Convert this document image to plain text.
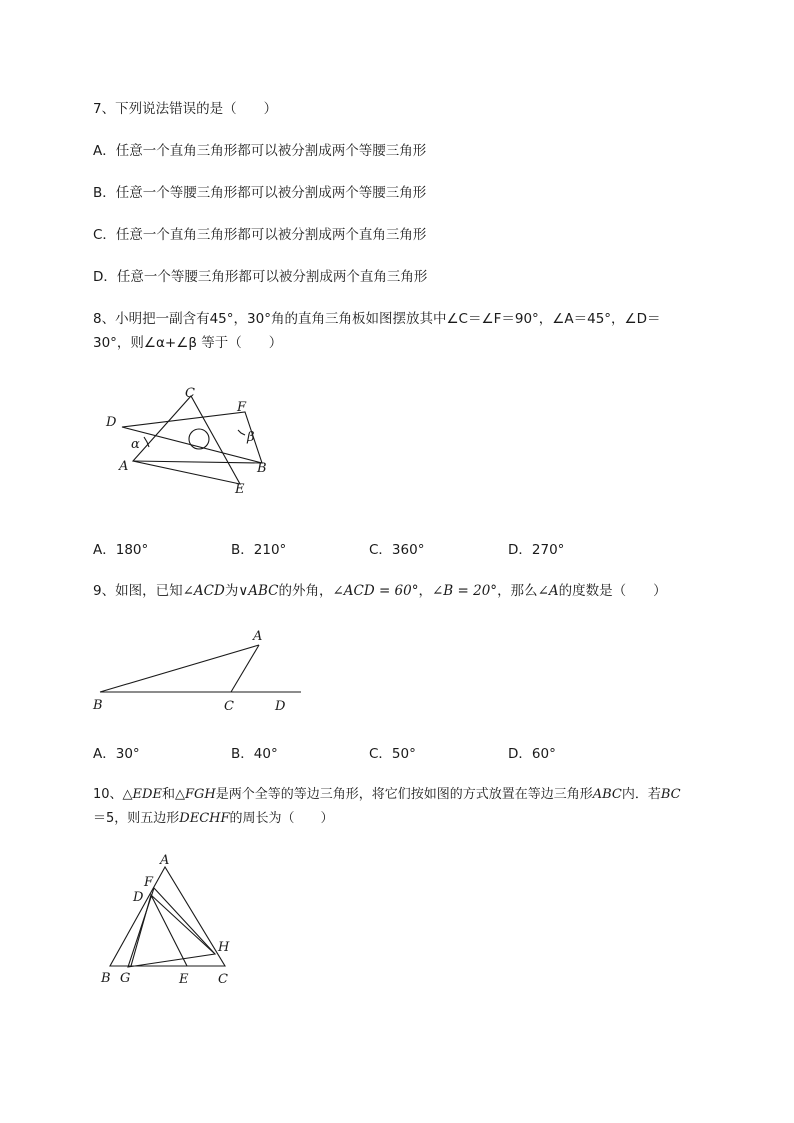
7、下列说法错误的是（　　）
A．任意一个直角三角形都可以被分割成两个等腰三角形
B．任意一个等腰三角形都可以被分割成两个等腰三角形
C．任意一个直角三角形都可以被分割成两个直角三角形
D．任意一个等腰三角形都可以被分割成两个直角三角形
8、小明把一副含有45°，30°角的直角三角板如图摆放其中∠C＝∠F＝90°，∠A＝45°，∠D＝
30°，则∠α+∠β 等于（　　）
C
F
D
α	β
A	B
E
A．180°	B．210°	C．360°	D．270°
9、如图，已知∠ACD为∨ABC的外角，∠ACD = 60°，∠B = 20°，那么∠A的度数是（　　）
A
B	C	D
A．30°	B．40°	C．50°	D．60°
10、△EDE和△FGH是两个全等的等边三角形，将它们按如图的方式放置在等边三角形ABC内．若BC
＝5，则五边形DECHF的周长为（　　）
A
F
D
H
B G	E C
